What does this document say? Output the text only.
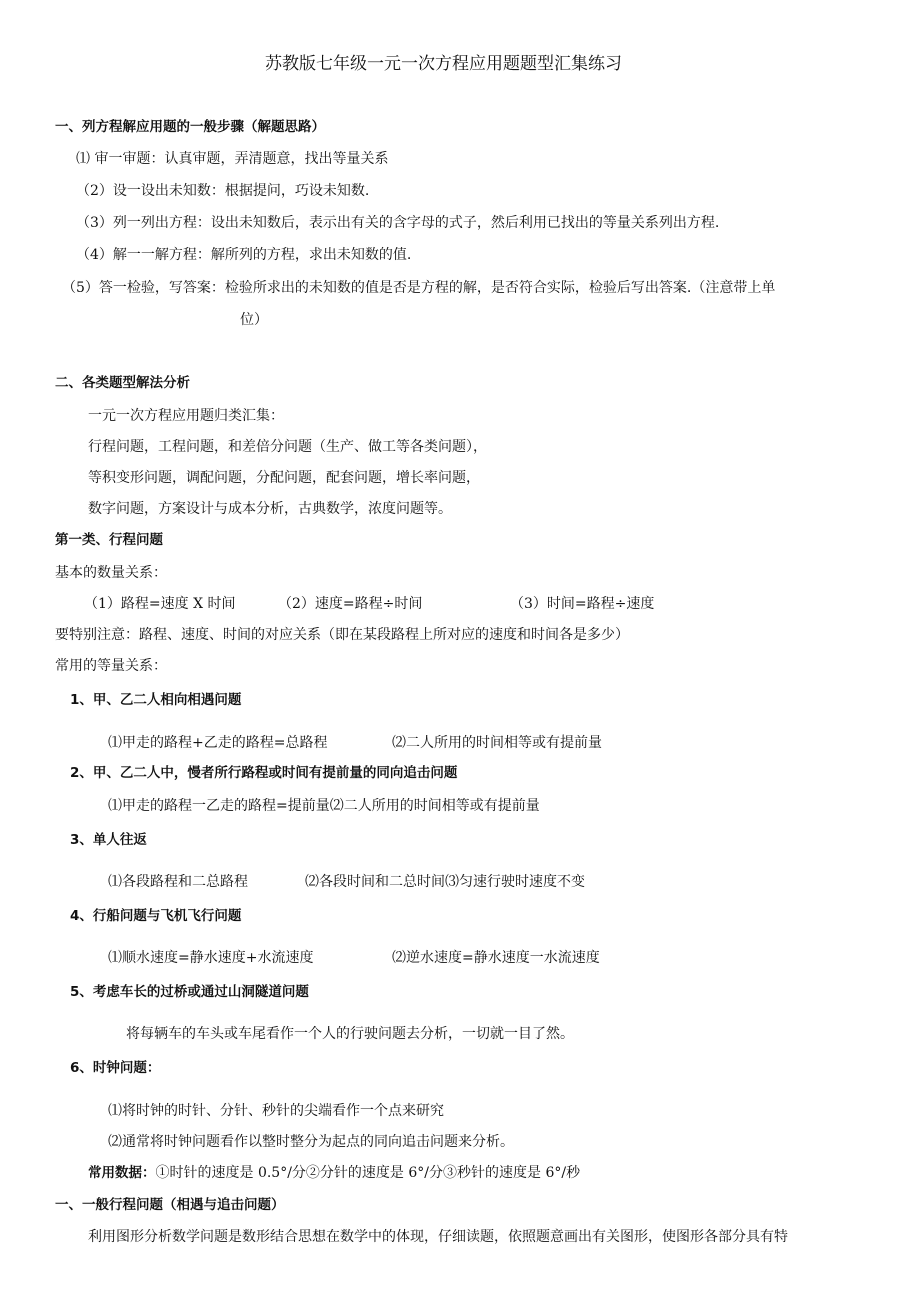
苏教版七年级一元一次方程应用题题型汇集练习
一、列方程解应用题的一般步骤（解题思路）
⑴ 审一审题：认真审题，弄清题意，找出等量关系
（2）设一设出未知数：根据提问，巧设未知数.
（3）列一列出方程：设出未知数后，表示出有关的含字母的式子，然后利用已找出的等量关系列出方程.
（4）解一一解方程：解所列的方程，求出未知数的值.
（5）答一检验，写答案：检验所求出的未知数的值是否是方程的解，是否符合实际，检验后写出答案.（注意带上单
位）
二、各类题型解法分析
一元一次方程应用题归类汇集：
行程问题，工程问题，和差倍分问题（生产、做工等各类问题），
等积变形问题，调配问题，分配问题，配套问题，增长率问题，
数字问题，方案设计与成本分析，古典数学，浓度问题等。
第一类、行程问题
基本的数量关系：
（1）路程=速度 X 时间	（2）速度=路程÷时间	（3）时间=路程÷速度
要特别注意：路程、速度、时间的对应关系（即在某段路程上所对应的速度和时间各是多少）
常用的等量关系：
1、甲、乙二人相向相遇问题
⑴甲走的路程+乙走的路程=总路程	⑵二人所用的时间相等或有提前量
2、甲、乙二人中，慢者所行路程或时间有提前量的同向追击问题
⑴甲走的路程一乙走的路程=提前量⑵二人所用的时间相等或有提前量
3、单人往返
⑴各段路程和二总路程	⑵各段时间和二总时间⑶匀速行驶时速度不变
4、行船问题与飞机飞行问题
⑴顺水速度=静水速度+水流速度	⑵逆水速度=静水速度一水流速度
5、考虑车长的过桥或通过山洞隧道问题
将每辆车的车头或车尾看作一个人的行驶问题去分析，一切就一目了然。
6、时钟问题：
⑴将时钟的时针、分针、秒针的尖端看作一个点来研究
⑵通常将时钟问题看作以整时整分为起点的同向追击问题来分析。
常用数据：①时针的速度是 0.5°/分②分针的速度是 6°/分③秒针的速度是 6°/秒
一、一般行程问题（相遇与追击问题）
利用图形分析数学问题是数形结合思想在数学中的体现，仔细读题，依照题意画出有关图形，使图形各部分具有特
